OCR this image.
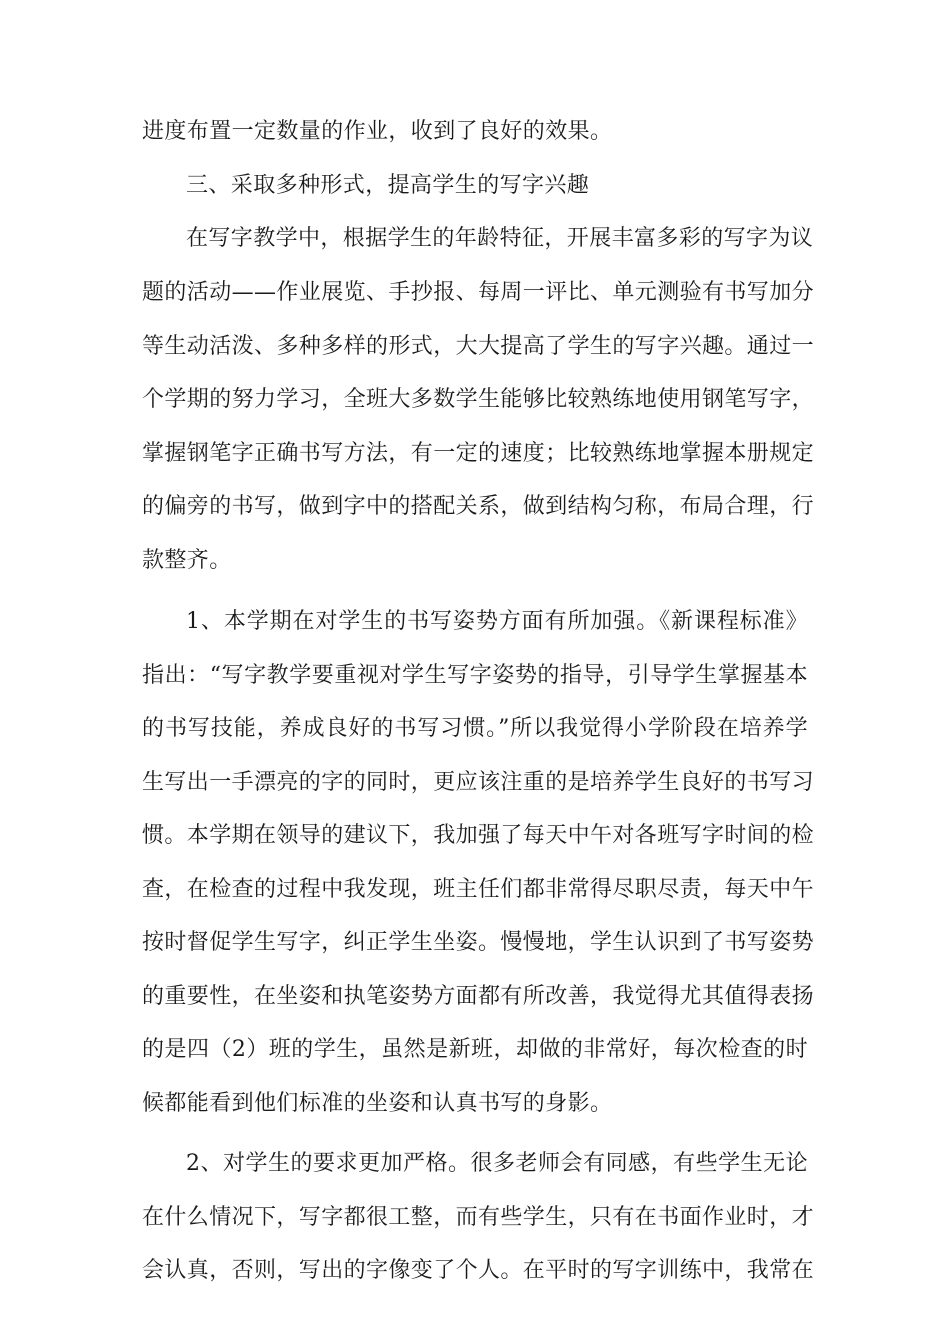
进度布置一定数量的作业，收到了良好的效果。
三、采取多种形式，提高学生的写字兴趣
在写字教学中，根据学生的年龄特征，开展丰富多彩的写字为议
题的活动——作业展览、手抄报、每周一评比、单元测验有书写加分
等生动活泼、多种多样的形式，大大提高了学生的写字兴趣。通过一
个学期的努力学习，全班大多数学生能够比较熟练地使用钢笔写字，
掌握钢笔字正确书写方法，有一定的速度；比较熟练地掌握本册规定
的偏旁的书写，做到字中的搭配关系，做到结构匀称，布局合理，行
款整齐。
1、本学期在对学生的书写姿势方面有所加强。《新课程标准》
指出：“写字教学要重视对学生写字姿势的指导，引导学生掌握基本
的书写技能，养成良好的书写习惯。”所以我觉得小学阶段在培养学
生写出一手漂亮的字的同时，更应该注重的是培养学生良好的书写习
惯。本学期在领导的建议下，我加强了每天中午对各班写字时间的检
查，在检查的过程中我发现，班主任们都非常得尽职尽责，每天中午
按时督促学生写字，纠正学生坐姿。慢慢地，学生认识到了书写姿势
的重要性，在坐姿和执笔姿势方面都有所改善，我觉得尤其值得表扬
的是四（2）班的学生，虽然是新班，却做的非常好，每次检查的时
候都能看到他们标准的坐姿和认真书写的身影。
2、对学生的要求更加严格。很多老师会有同感，有些学生无论
在什么情况下，写字都很工整，而有些学生，只有在书面作业时，才
会认真，否则，写出的字像变了个人。在平时的写字训练中，我常在
